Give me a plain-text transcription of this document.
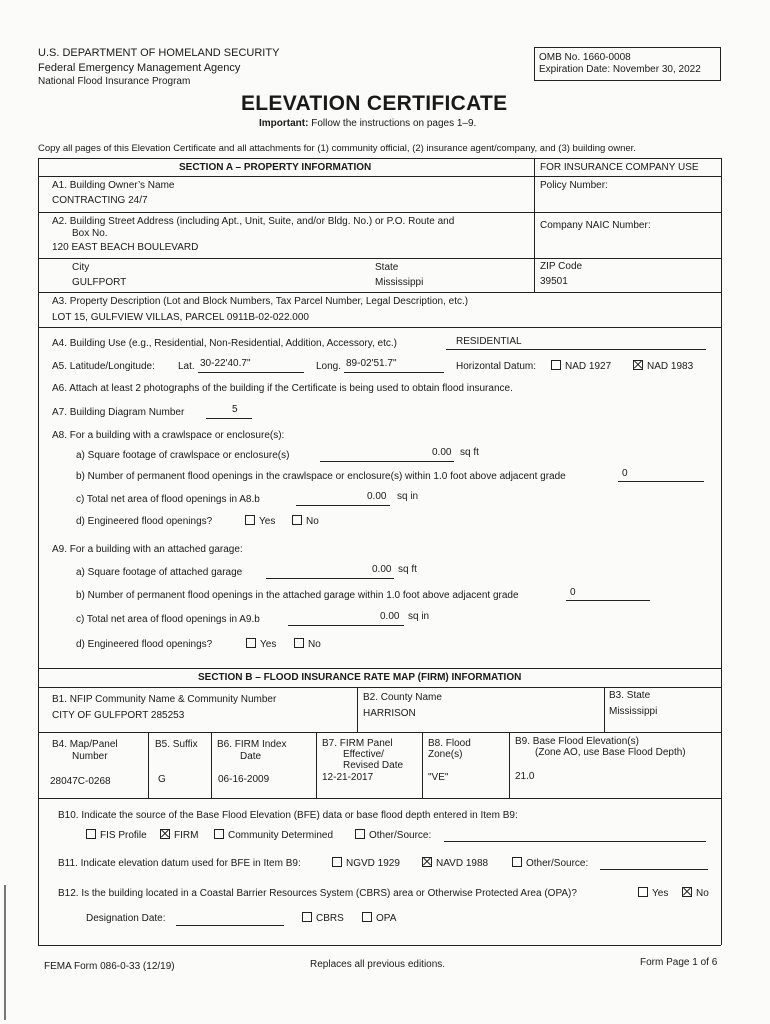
U.S. DEPARTMENT OF HOMELAND SECURITY
Federal Emergency Management Agency
National Flood Insurance Program
OMB No. 1660-0008
Expiration Date: November 30, 2022
ELEVATION CERTIFICATE
Important: Follow the instructions on pages 1–9.
Copy all pages of this Elevation Certificate and all attachments for (1) community official, (2) insurance agent/company, and (3) building owner.
SECTION A – PROPERTY INFORMATION	FOR INSURANCE COMPANY USE
A1. Building Owner’s Name
CONTRACTING 24/7
Policy Number:
A2. Building Street Address (including Apt., Unit, Suite, and/or Bldg. No.) or P.O. Route and
Box No.
120 EAST BEACH BOULEVARD
Company NAIC Number:
City
GULFPORT
State
Mississippi
ZIP Code
39501
A3. Property Description (Lot and Block Numbers, Tax Parcel Number, Legal Description, etc.)
LOT 15, GULFVIEW VILLAS, PARCEL 0911B-02-022.000
A4. Building Use (e.g., Residential, Non-Residential, Addition, Accessory, etc.)	RESIDENTIAL
A5. Latitude/Longitude: Lat. 30-22'40.7"	Long. 89-02'51.7"	Horizontal Datum:	NAD 1927	NAD 1983
A6. Attach at least 2 photographs of the building if the Certificate is being used to obtain flood insurance.
A7. Building Diagram Number	5
A8. For a building with a crawlspace or enclosure(s):
a) Square footage of crawlspace or enclosure(s)	0.00 sq ft
b) Number of permanent flood openings in the crawlspace or enclosure(s) within 1.0 foot above adjacent grade	0
c) Total net area of flood openings in A8.b	0.00 sq in
d) Engineered flood openings?	Yes	No
A9. For a building with an attached garage:
a) Square footage of attached garage	0.00 sq ft
b) Number of permanent flood openings in the attached garage within 1.0 foot above adjacent grade	0
c) Total net area of flood openings in A9.b	0.00 sq in
d) Engineered flood openings?	Yes	No
SECTION B – FLOOD INSURANCE RATE MAP (FIRM) INFORMATION
B1. NFIP Community Name & Community Number
CITY OF GULFPORT 285253
B2. County Name
HARRISON
B3. State
Mississippi
B4. Map/Panel
Number
28047C-0268
B5. Suffix
G
B6. FIRM Index
Date
06-16-2009
B7. FIRM Panel
Effective/
Revised Date
12-21-2017
B8. Flood
Zone(s)
"VE"
B9. Base Flood Elevation(s)
(Zone AO, use Base Flood Depth)
21.0
B10. Indicate the source of the Base Flood Elevation (BFE) data or base flood depth entered in Item B9:
FIS Profile	FIRM	Community Determined	Other/Source:
B11. Indicate elevation datum used for BFE in Item B9:	NGVD 1929	NAVD 1988	Other/Source:
B12. Is the building located in a Coastal Barrier Resources System (CBRS) area or Otherwise Protected Area (OPA)?	Yes	No
Designation Date:	CBRS	OPA
FEMA Form 086-0-33 (12/19)	Replaces all previous editions.	Form Page 1 of 6
